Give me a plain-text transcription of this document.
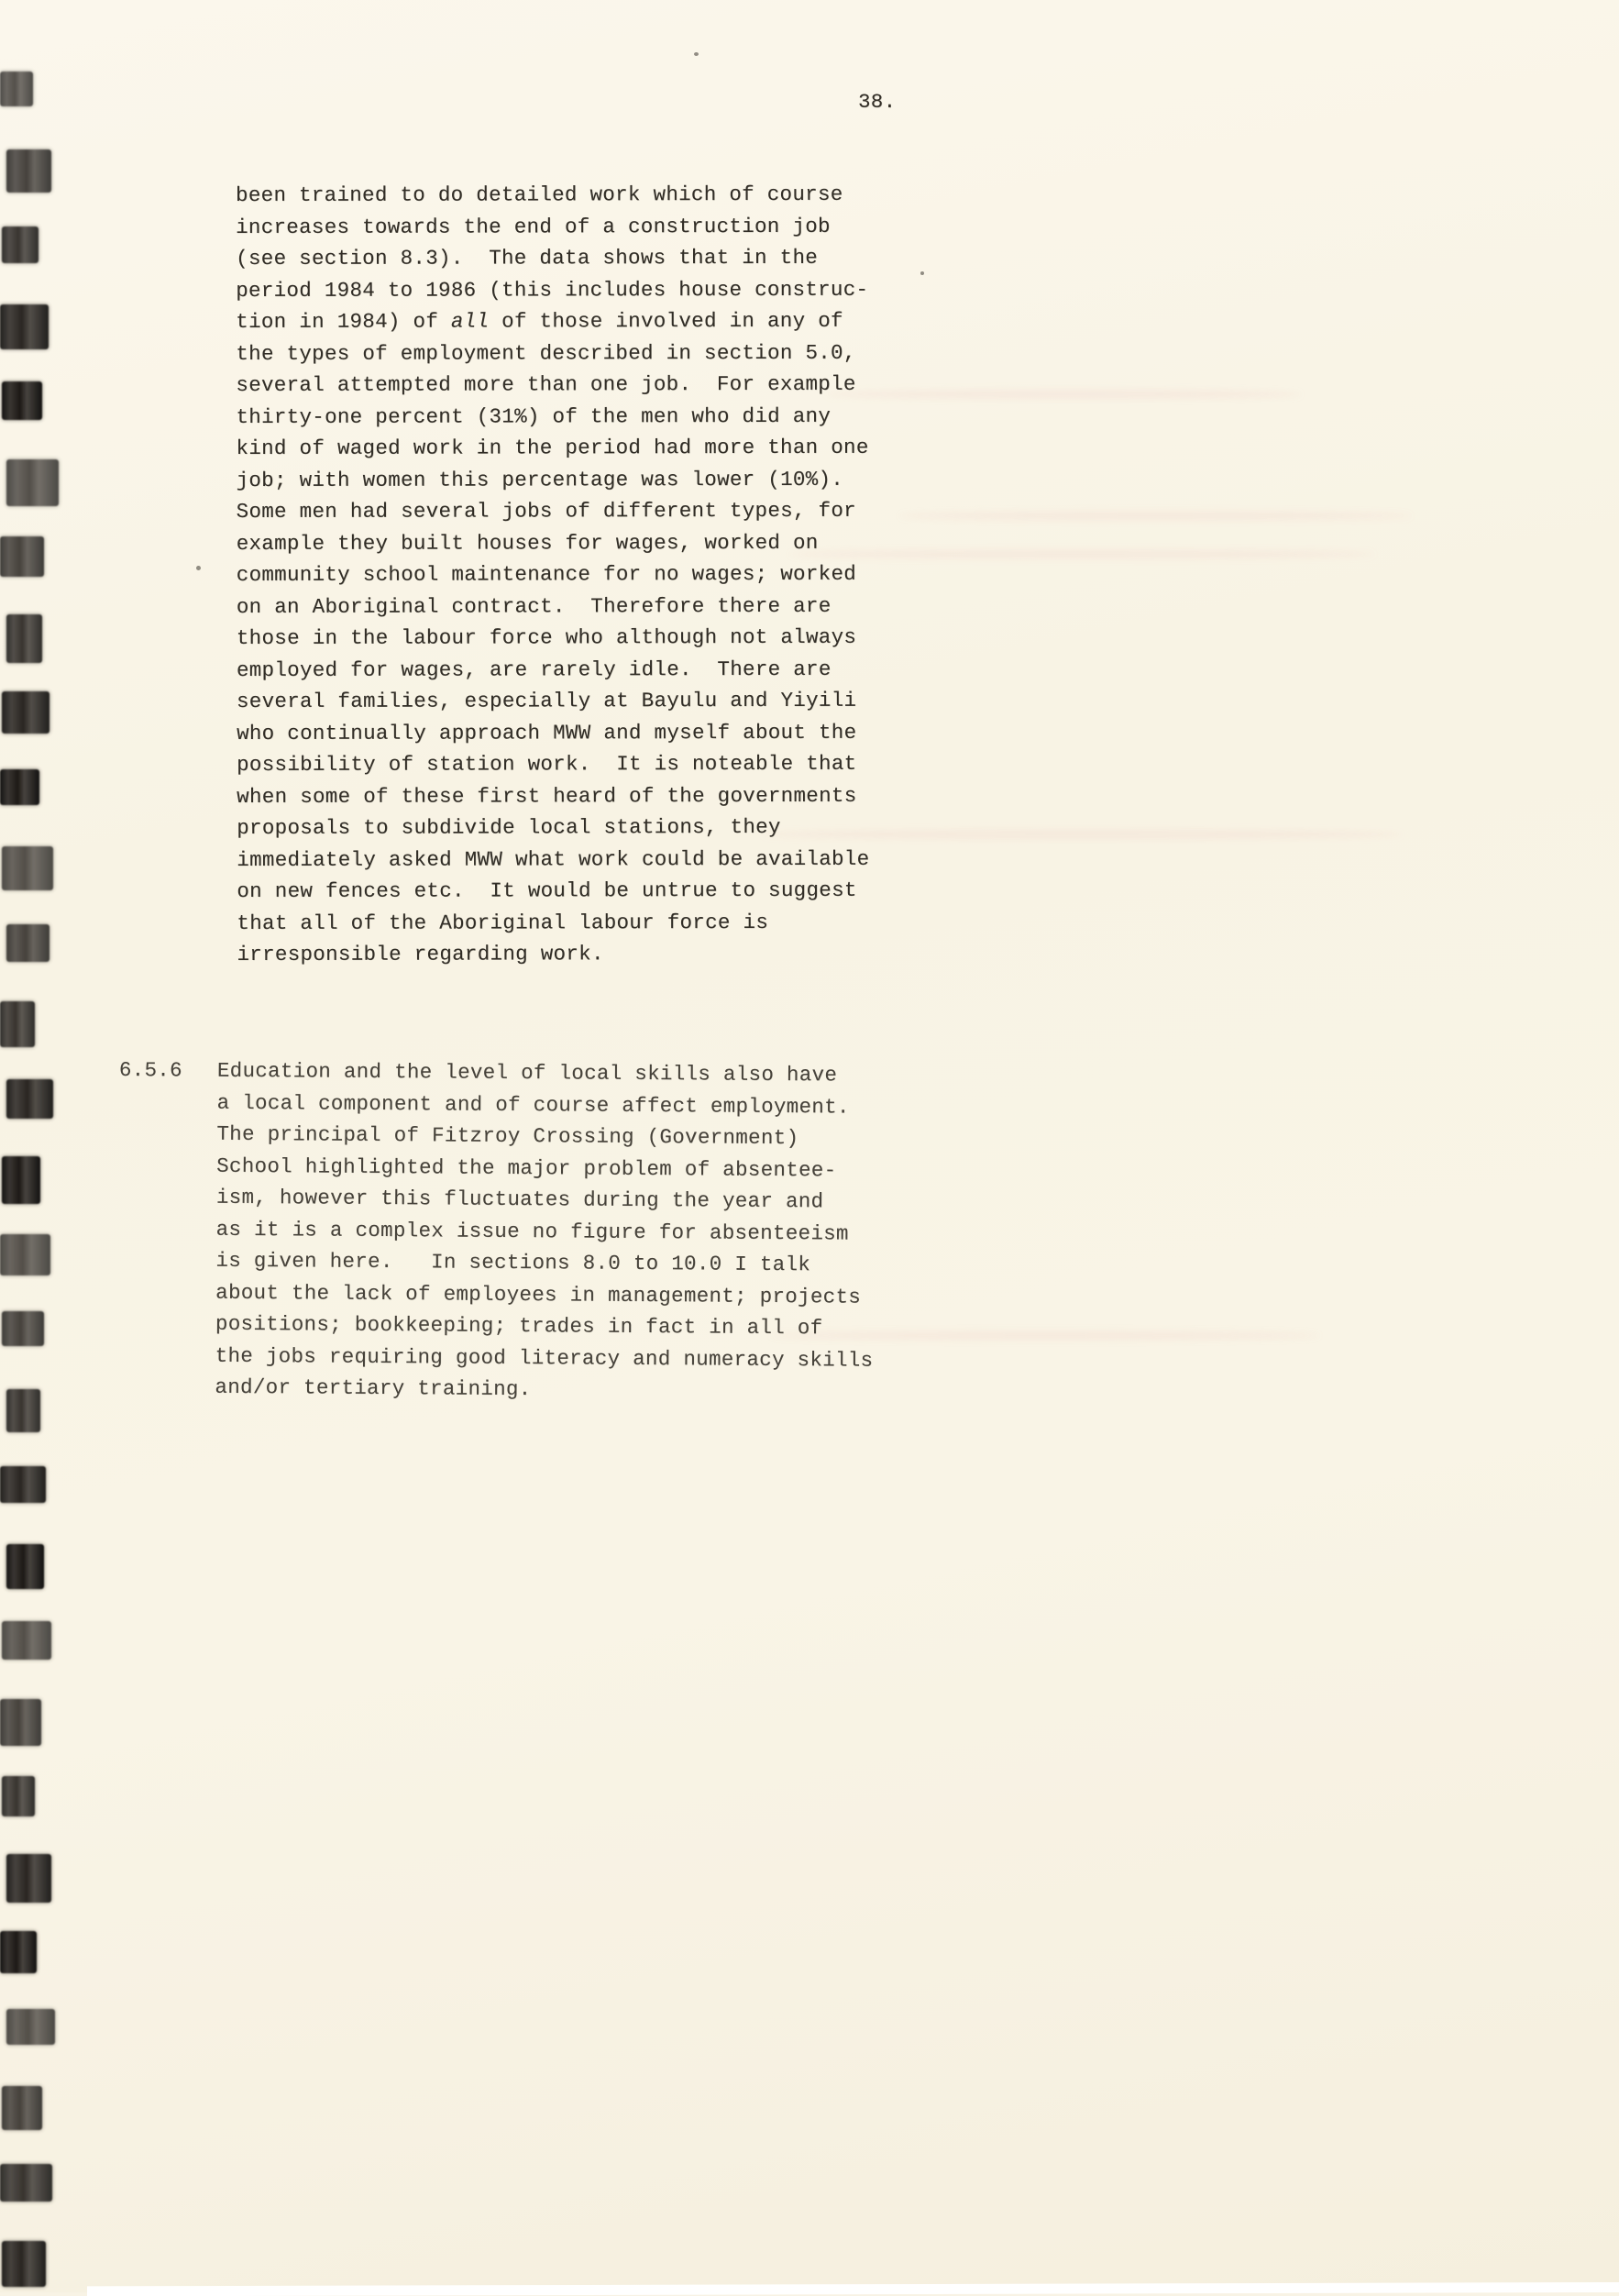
38.
been trained to do detailed work which of course
increases towards the end of a construction job
(see section 8.3).  The data shows that in the
period 1984 to 1986 (this includes house construc-
tion in 1984) of all of those involved in any of
the types of employment described in section 5.0,
several attempted more than one job.  For example
thirty-one percent (31%) of the men who did any
kind of waged work in the period had more than one
job; with women this percentage was lower (10%).
Some men had several jobs of different types, for
example they built houses for wages, worked on
community school maintenance for no wages; worked
on an Aboriginal contract.  Therefore there are
those in the labour force who although not always
employed for wages, are rarely idle.  There are
several families, especially at Bayulu and Yiyili
who continually approach MWW and myself about the
possibility of station work.  It is noteable that
when some of these first heard of the governments
proposals to subdivide local stations, they
immediately asked MWW what work could be available
on new fences etc.  It would be untrue to suggest
that all of the Aboriginal labour force is
irresponsible regarding work.
6.5.6	Education and the level of local skills also have
a local component and of course affect employment.
The principal of Fitzroy Crossing (Government)
School highlighted the major problem of absentee-
ism, however this fluctuates during the year and
as it is a complex issue no figure for absenteeism
is given here.   In sections 8.0 to 10.0 I talk
about the lack of employees in management; projects
positions; bookkeeping; trades in fact in all of
the jobs requiring good literacy and numeracy skills
and/or tertiary training.
